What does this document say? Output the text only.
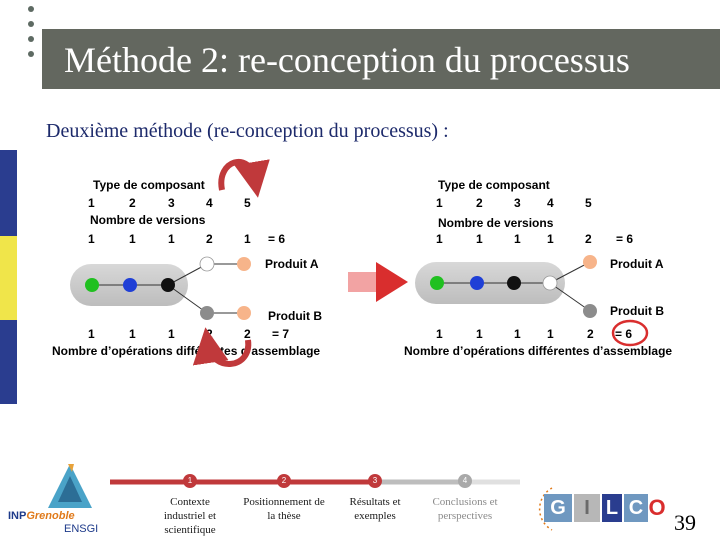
Méthode 2: re-conception du processus
Deuxième méthode (re-conception du processus) :
Type de composant
1	2	3	4	5
Nombre de versions
1	1	1	2	1 = 6
Produit A
Produit B
1	1	1	2	2 = 7
Nombre d’opérations différentes d’assemblage
Type de composant
1	2	3 4	5
Nombre de versions
1	1	1 1	2 = 6
Produit A
Produit B
1	1	1 1	2 = 6
Nombre d’opérations différentes d’assemblage
INPGrenoble
ENSGI
1
Contexte industriel et scientifique
2
Positionnement de la thèse
3
Résultats et exemples
4
Conclusions et perspectives	G I L C O
39
